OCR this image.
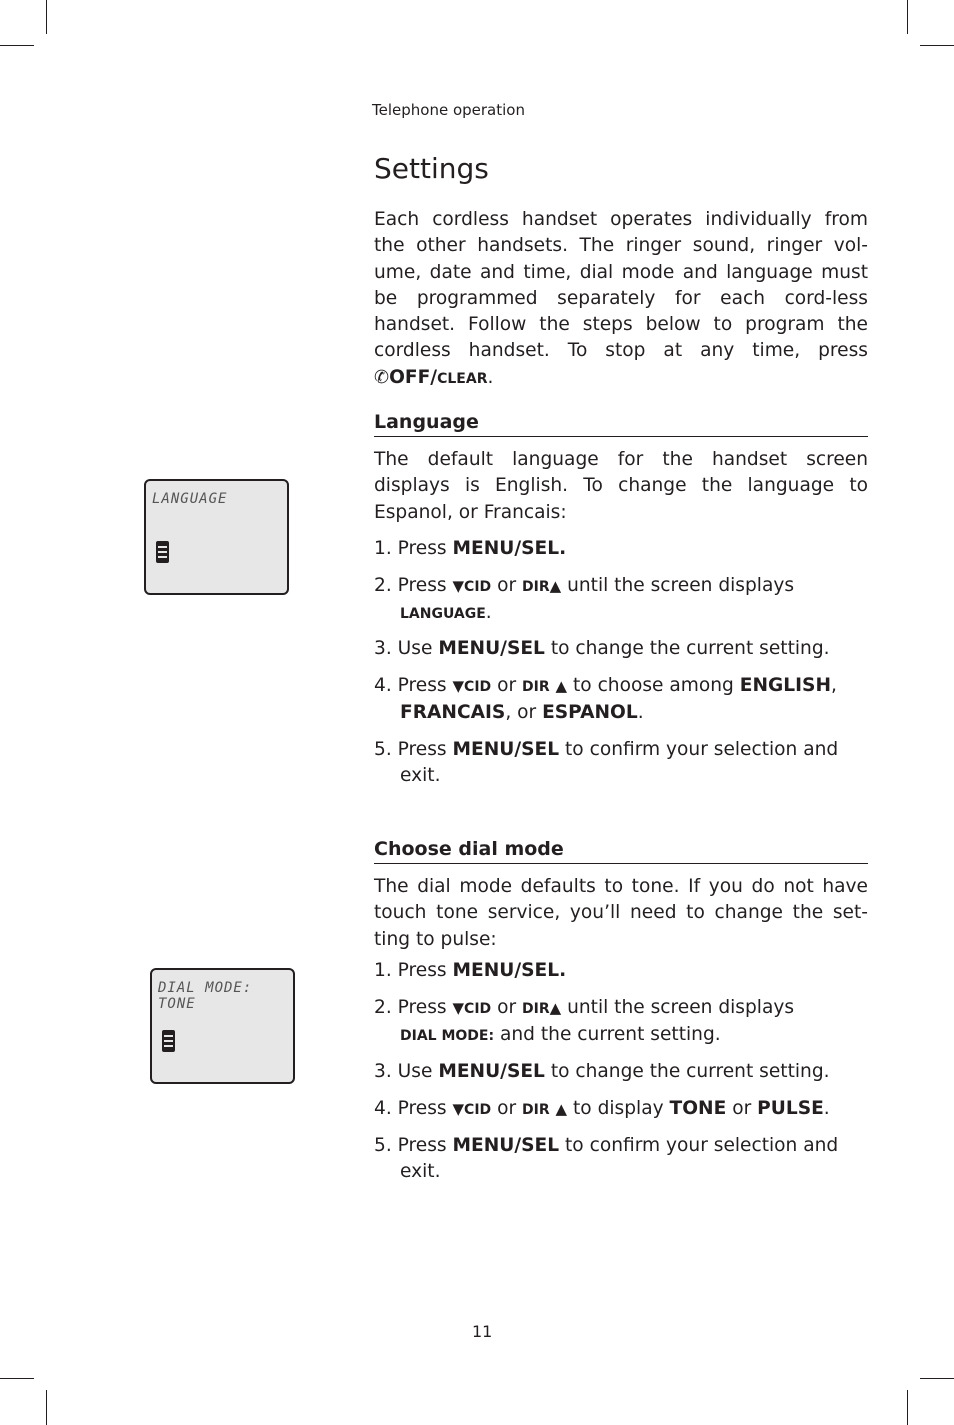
Telephone operation
Settings
Each cordless handset operates individually from the other handsets. The ringer sound, ringer vol-ume, date and time, dial mode and language must be programmed separately for each cord-less handset. Follow the steps below to program the cordless handset. To stop at any time, press ✆OFF/CLEAR.
Language
The default language for the handset screen displays is English. To change the language to Espanol, or Francais:
LANGUAGE
1. Press MENU/SEL.
2. Press ▼CID or DIR▲ until the screen displays
LANGUAGE.
3. Use MENU/SEL to change the current setting.
4. Press ▼CID or DIR ▲ to choose among ENGLISH,
FRANCAIS, or ESPANOL.
5. Press MENU/SEL to confirm your selection and
exit.
Choose dial mode
The dial mode defaults to tone. If you do not have touch tone service, you’ll need to change the set-ting to pulse:
DIAL MODE: TONE
1. Press MENU/SEL.
2. Press ▼CID or DIR▲ until the screen displays
DIAL MODE: and the current setting.
3. Use MENU/SEL to change the current setting.
4. Press ▼CID or DIR ▲ to display TONE or PULSE.
5. Press MENU/SEL to confirm your selection and
exit.
11
